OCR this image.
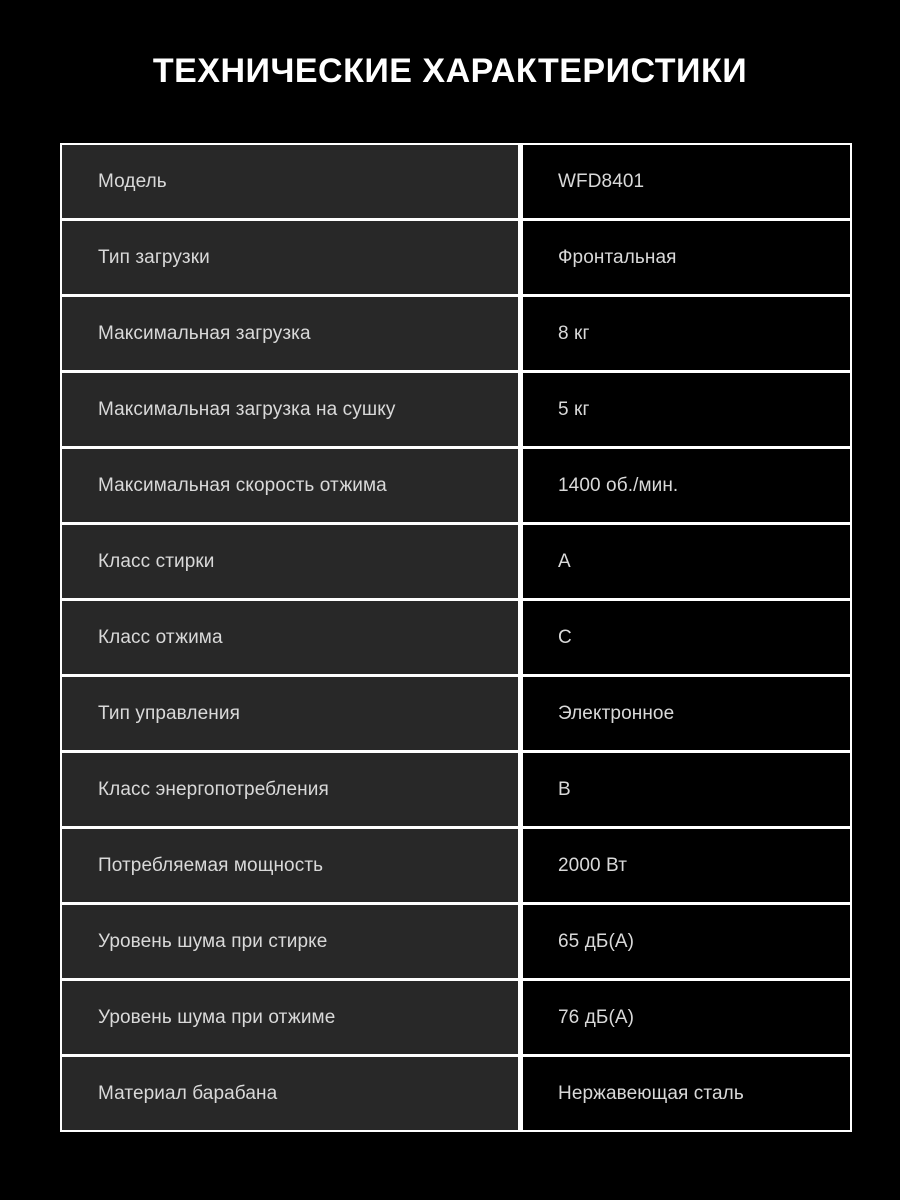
ТЕХНИЧЕСКИЕ ХАРАКТЕРИСТИКИ
Модель	WFD8401
Тип загрузки	Фронтальная
Максимальная загрузка	8 кг
Максимальная загрузка на сушку	5 кг
Максимальная скорость отжима	1400 об./мин.
Класс стирки	A
Класс отжима	C
Тип управления	Электронное
Класс энергопотребления	B
Потребляемая мощность	2000 Вт
Уровень шума при стирке	65 дБ(А)
Уровень шума при отжиме	76 дБ(А)
Материал барабана	Нержавеющая сталь
